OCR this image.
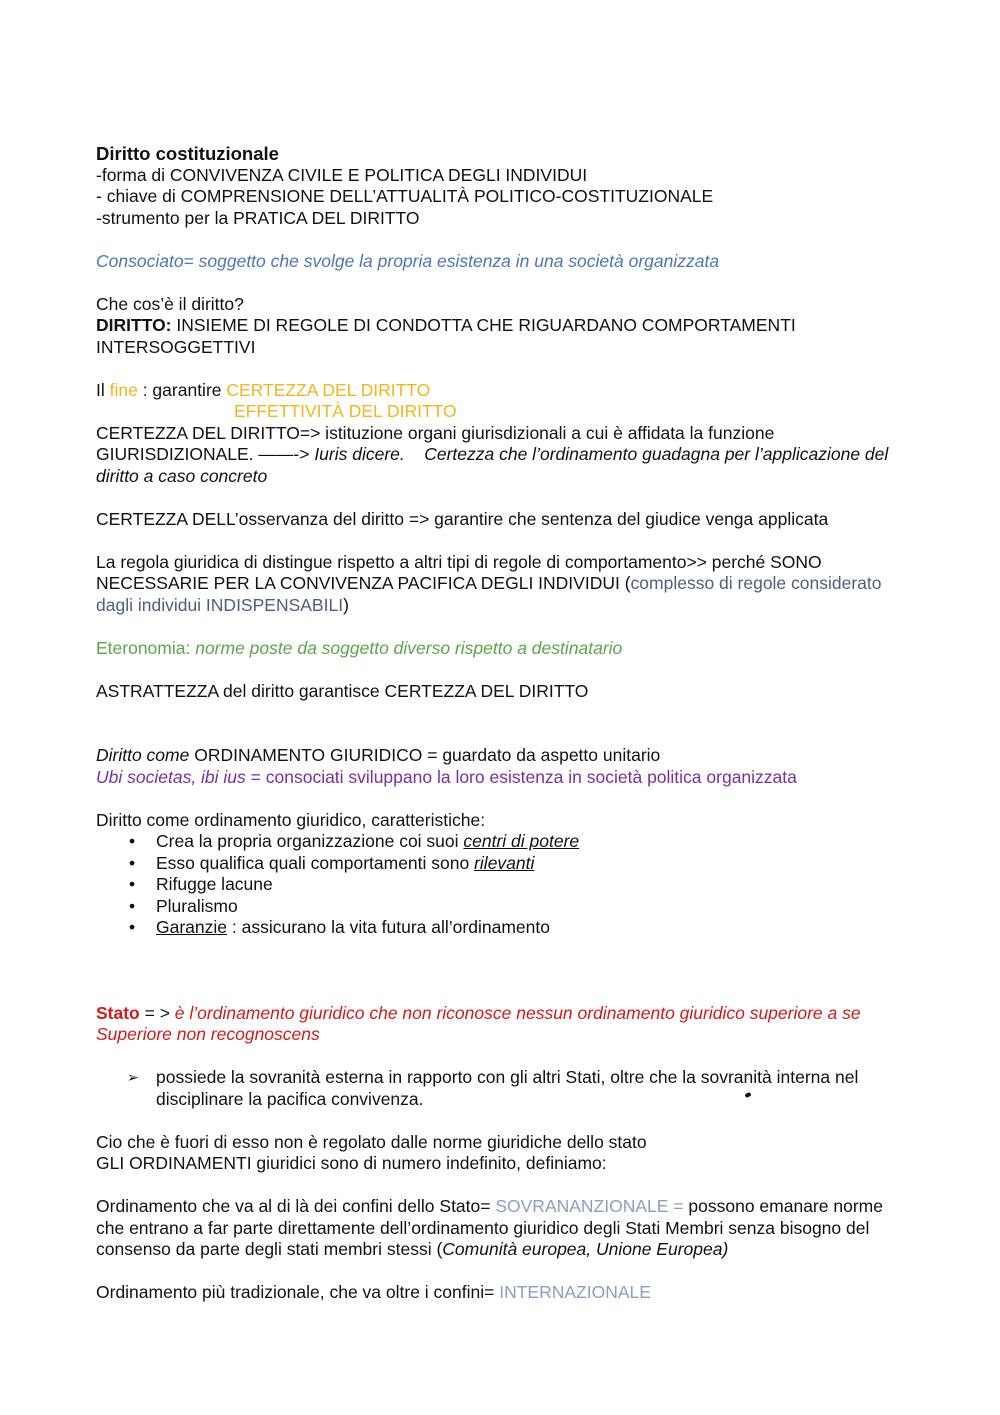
Diritto costituzionale

-forma di CONVIVENZA CIVILE E POLITICA DEGLI INDIVIDUI

- chiave di COMPRENSIONE DELL’ATTUALITÀ POLITICO-COSTITUZIONALE

-strumento per la PRATICA DEL DIRITTO

Consociato= soggetto che svolge la propria esistenza in una società organizzata

Che cos’è il diritto?

DIRITTO: INSIEME DI REGOLE DI CONDOTTA CHE RIGUARDANO COMPORTAMENTI INTERSOGGETTIVI

Il fine : garantire CERTEZZA DEL DIRITTO

EFFETTIVITÀ DEL DIRITTO

CERTEZZA DEL DIRITTO=> istituzione organi giurisdizionali a cui è affidata la funzione GIURISDIZIONALE. ——-> Iuris dicere. Certezza che l’ordinamento guadagna per l’applicazione del diritto a caso concreto

CERTEZZA DELL’osservanza del diritto => garantire che sentenza del giudice venga applicata

La regola giuridica di distingue rispetto a altri tipi di regole di comportamento>> perché SONO NECESSARIE PER LA CONVIVENZA PACIFICA DEGLI INDIVIDUI (complesso di regole considerato dagli individui INDISPENSABILI)

Eteronomia: norme poste da soggetto diverso rispetto a destinatario

ASTRATTEZZA del diritto garantisce CERTEZZA DEL DIRITTO

Diritto come ORDINAMENTO GIURIDICO = guardato da aspetto unitario

Ubi societas, ibi ius = consociati sviluppano la loro esistenza in società politica organizzata

Diritto come ordinamento giuridico, caratteristiche:

• Crea la propria organizzazione coi suoi centri di potere
• Esso qualifica quali comportamenti sono rilevanti
• Rifugge lacune
• Pluralismo
• Garanzie : assicurano la vita futura all’ordinamento

Stato = > è l’ordinamento giuridico che non riconosce nessun ordinamento giuridico superiore a se

Superiore non recognoscens

➢ possiede la sovranità esterna in rapporto con gli altri Stati, oltre che la sovranità interna nel disciplinare la pacifica convivenza.

Cio che è fuori di esso non è regolato dalle norme giuridiche dello stato

GLI ORDINAMENTI giuridici sono di numero indefinito, definiamo:

Ordinamento che va al di là dei confini dello Stato= SOVRANANZIONALE = possono emanare norme che entrano a far parte direttamente dell’ordinamento giuridico degli Stati Membri senza bisogno del consenso da parte degli stati membri stessi (Comunità europea, Unione Europea)

Ordinamento più tradizionale, che va oltre i confini= INTERNAZIONALE
